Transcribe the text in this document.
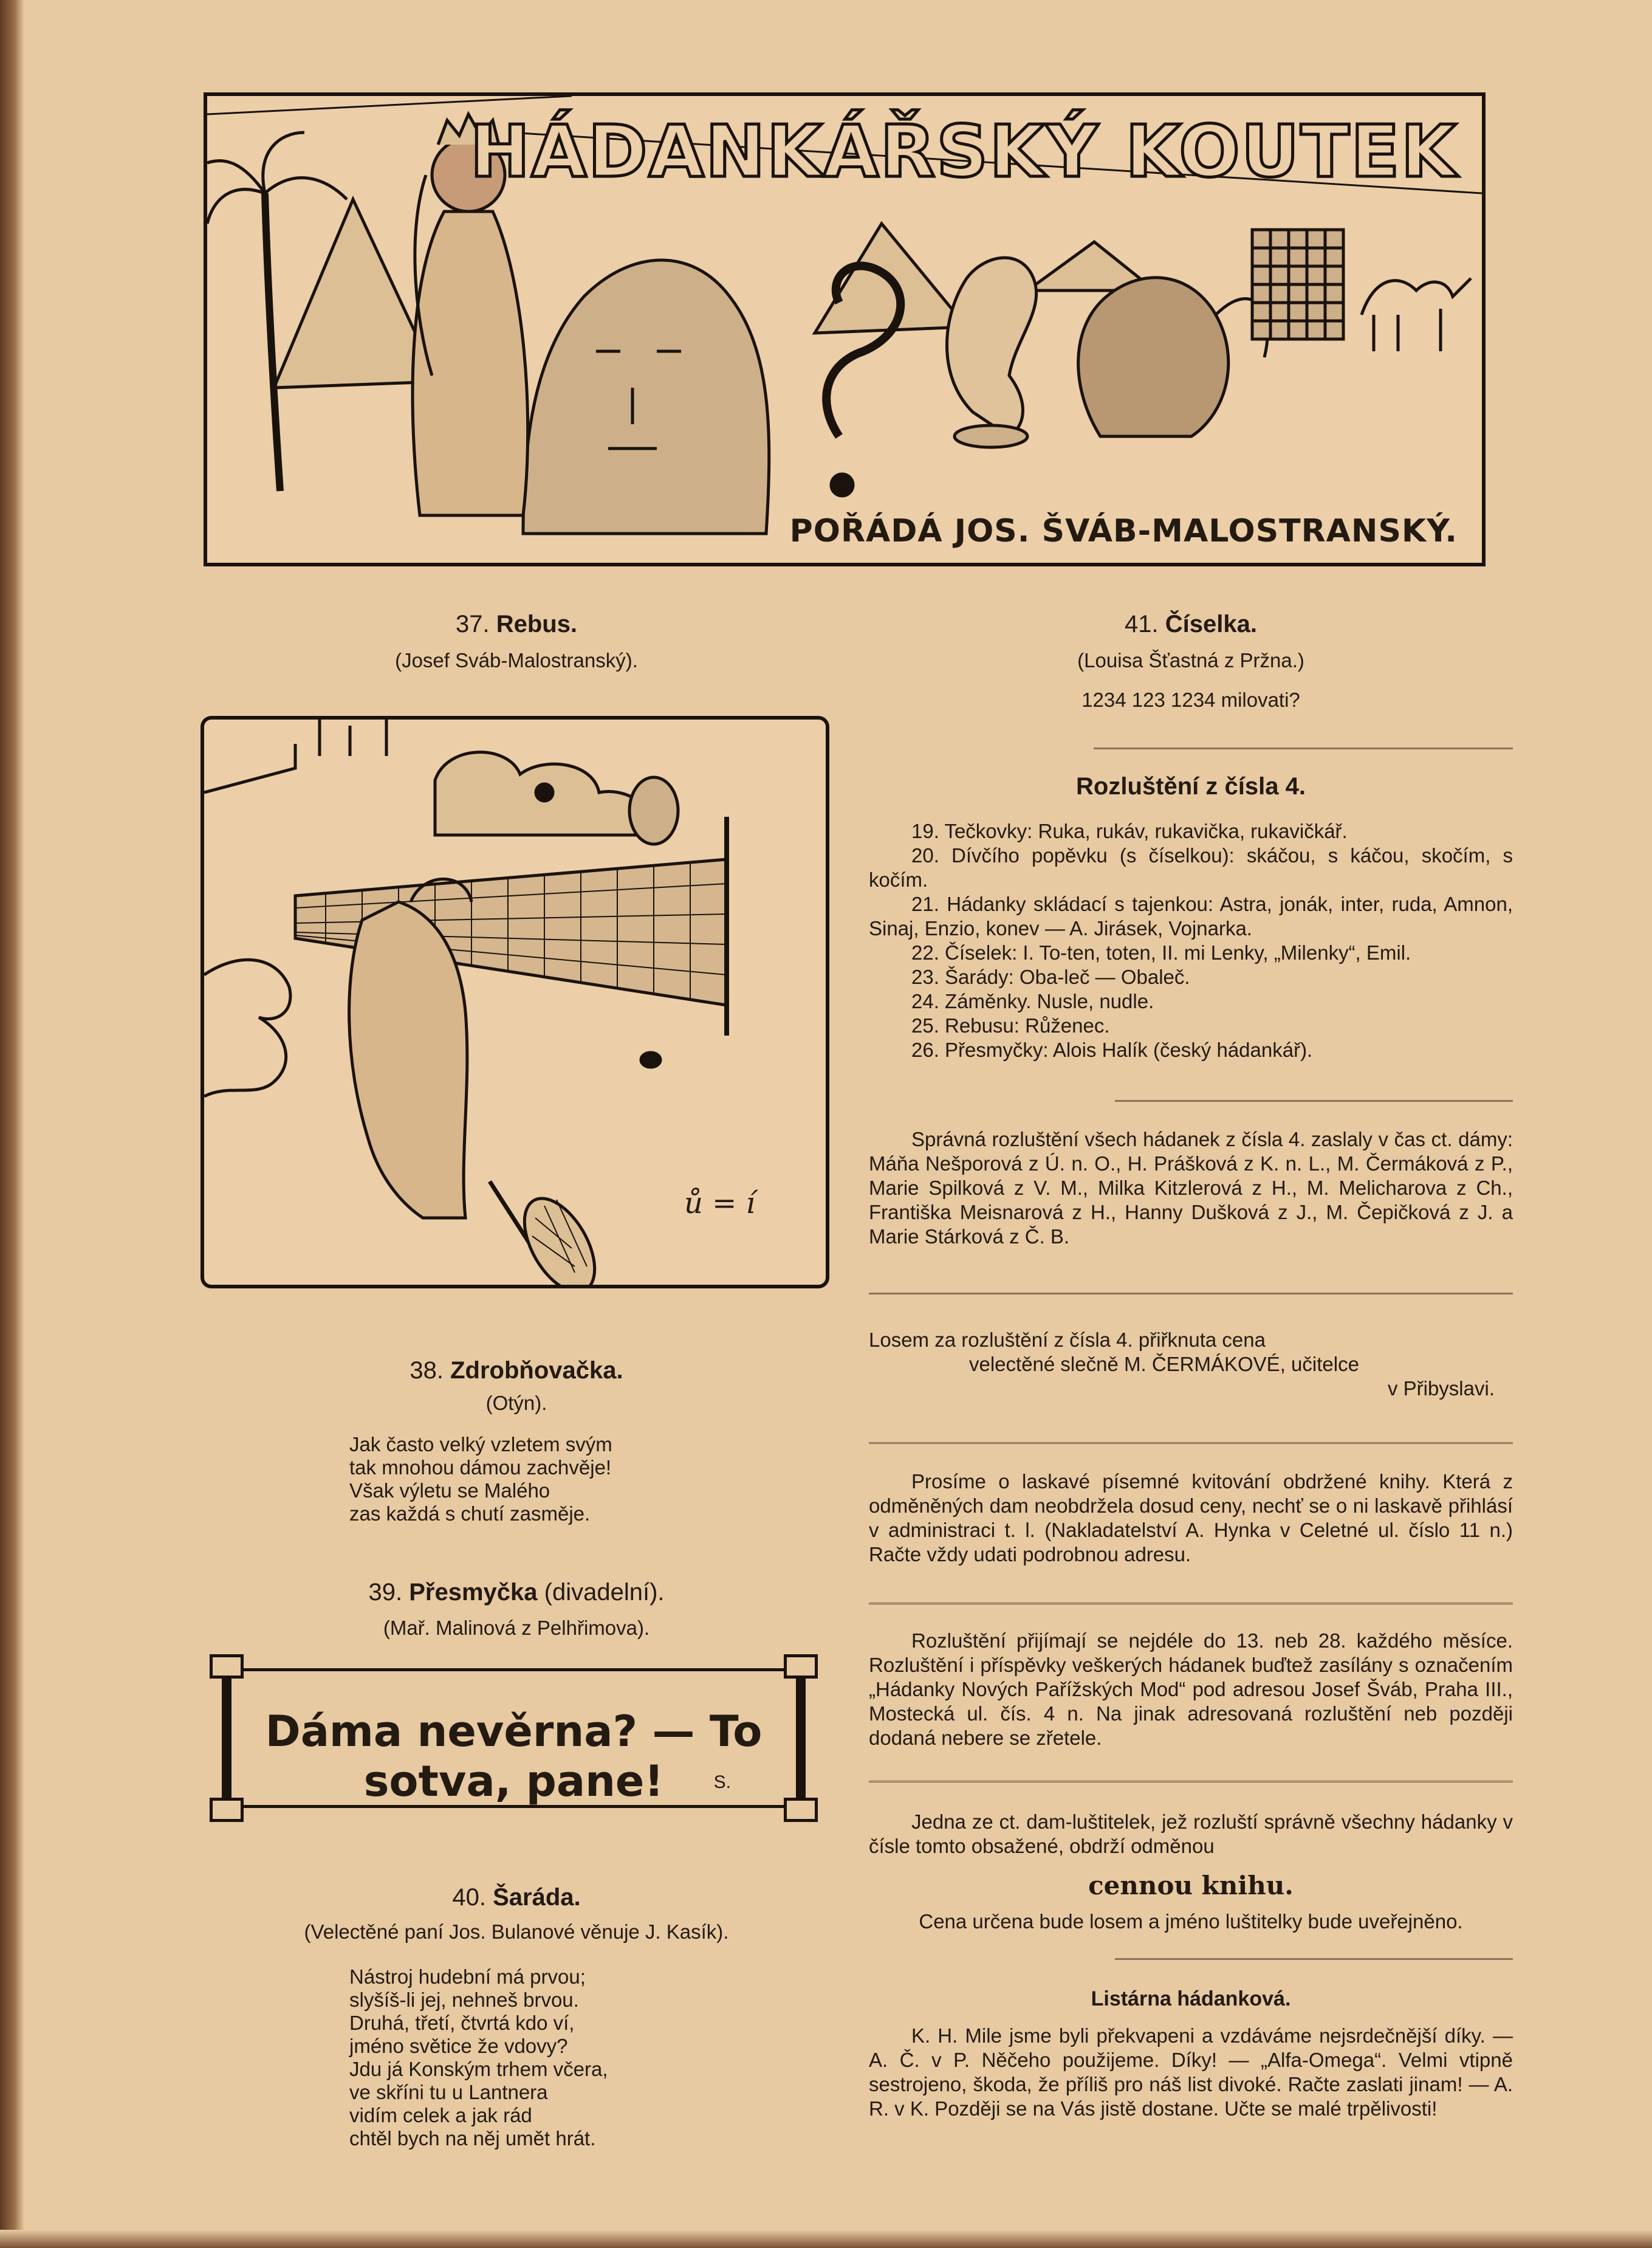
HÁDANKÁŘSKÝ KOUTEK
POŘÁDÁ JOS. ŠVÁB-MALOSTRANSKÝ.
37. Rebus.
(Josef Sváb-Malostranský).
ů = í
38. Zdrobňovačka.
(Otýn).
Jak často velký vzletem svým
tak mnohou dámou zachvěje!
Však výletu se Malého
zas každá s chutí zasměje.
39. Přesmyčka (divadelní).
(Mař. Malinová z Pelhřimova).
Dáma nevěrna? — To sotva, pane!	S.
40. Šaráda.
(Velectěné paní Jos. Bulanové věnuje J. Kasík).
Nástroj hudební má prvou;
slyšíš-li jej, nehneš brvou.
Druhá, třetí, čtvrtá kdo ví,
jméno světice že vdovy?
Jdu já Konským trhem včera,
ve skříni tu u Lantnera
vidím celek a jak rád
chtěl bych na něj umět hrát.
41. Číselka.
(Louisa Šťastná z Pržna.)
1234 123 1234 milovati?
Rozluštění z čísla 4.
19. Tečkovky: Ruka, rukáv, rukavička, rukavičkář.
20. Dívčího popěvku (s číselkou): skáčou, s káčou, skočím, s kočím.
21. Hádanky skládací s tajenkou: Astra, jonák, inter, ruda, Amnon, Sinaj, Enzio, konev — A. Jirásek, Vojnarka.
22. Číselek: I. To-ten, toten, II. mi Lenky, „Milenky“, Emil.
23. Šarády: Oba-leč — Obaleč.
24. Záměnky. Nusle, nudle.
25. Rebusu: Růženec.
26. Přesmyčky: Alois Halík (český hádankář).
Správná rozluštění všech hádanek z čísla 4. zaslaly v čas ct. dámy: Máňa Nešporová z Ú. n. O., H. Prášková z K. n. L., M. Čermáková z P., Marie Spilková z V. M., Milka Kitzlerová z H., M. Melicharova z Ch., Františka Meisnarová z H., Hanny Dušková z J., M. Čepičková z J. a Marie Stárková z Č. B.
Losem za rozluštění z čísla 4. přiřknuta cena
velectěné slečně M. ČERMÁKOVÉ, učitelce
v Přibyslavi.
Prosíme o laskavé písemné kvitování obdržené knihy. Která z odměněných dam neobdržela dosud ceny, nechť se o ni laskavě přihlásí v administraci t. l. (Nakladatelství A. Hynka v Celetné ul. číslo 11 n.) Račte vždy udati podrobnou adresu.
Rozluštění přijímají se nejdéle do 13. neb 28. každého měsíce. Rozluštění i příspěvky veškerých hádanek buďtež zasílány s označením „Hádanky Nových Pařížských Mod“ pod adresou Josef Šváb, Praha III., Mostecká ul. čís. 4 n. Na jinak adresovaná rozluštění neb později dodaná nebere se zřetele.
Jedna ze ct. dam-luštitelek, jež rozluští správně všechny hádanky v čísle tomto obsažené, obdrží odměnou
cennou knihu.
Cena určena bude losem a jméno luštitelky bude uveřejněno.
Listárna hádanková.
K. H. Mile jsme byli překvapeni a vzdáváme nejsrdečnější díky. — A. Č. v P. Něčeho použijeme. Díky! — „Alfa-Omega“. Velmi vtipně sestrojeno, škoda, že příliš pro náš list divoké. Račte zaslati jinam! — A. R. v K. Později se na Vás jistě dostane. Učte se malé trpělivosti!
